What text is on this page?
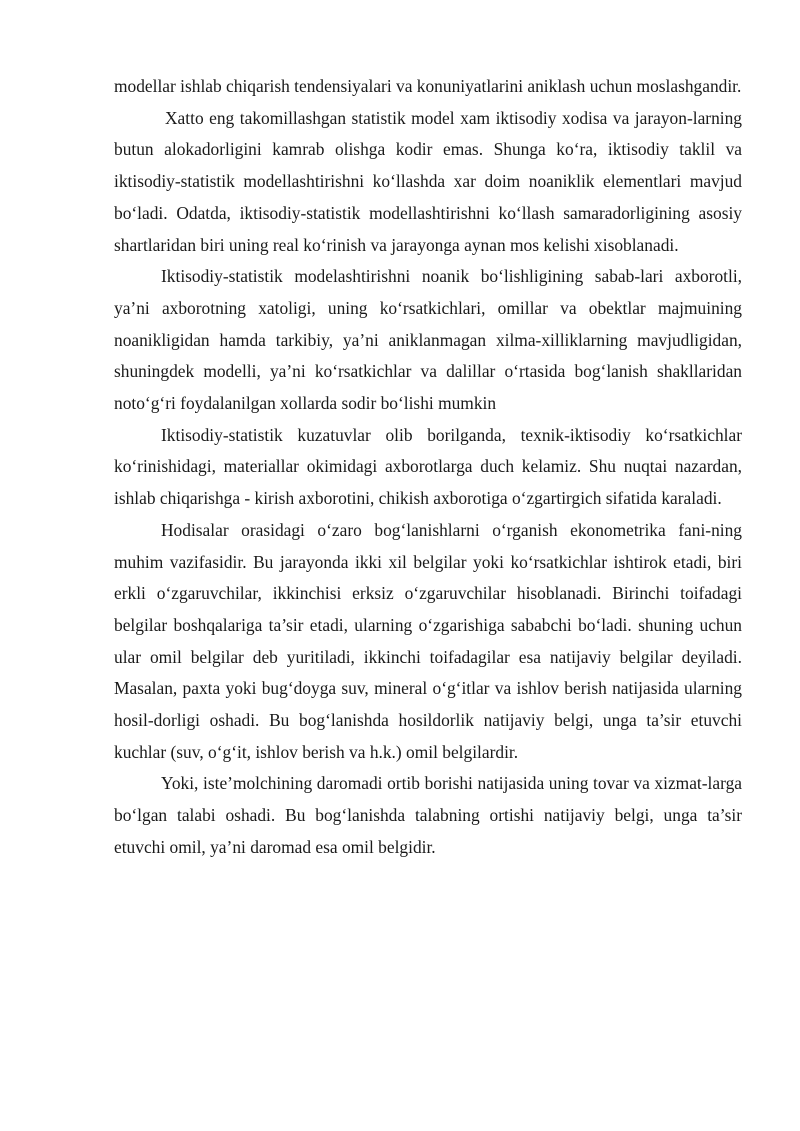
modellar ishlab chiqarish tendensiyalari va konuniyatlarini aniklash uchun moslashgandir.

Xatto eng takomillashgan statistik model xam iktisodiy xodisa va jarayon-larning butun alokadorligini kamrab olishga kodir emas. Shunga ko‘ra, iktisodiy taklil va iktisodiy-statistik modellashtirishni ko‘llashda xar doim noaniklik elementlari mavjud bo‘ladi. Odatda, iktisodiy-statistik modellashtirishni ko‘llash samaradorligining asosiy shartlaridan biri uning real ko‘rinish va jarayonga aynan mos kelishi xisoblanadi.

Iktisodiy-statistik modelashtirishni noanik bo‘lishligining sabab-lari axborotli, ya’ni axborotning xatoligi, uning ko‘rsatkichlari, omillar va obektlar majmuining noanikligidan hamda tarkibiy, ya’ni aniklanmagan xilma-xilliklarning mavjudligidan, shuningdek modelli, ya’ni ko‘rsatkichlar va dalillar o‘rtasida bog‘lanish shakllaridan noto‘g‘ri foydalanilgan xollarda sodir bo‘lishi mumkin

Iktisodiy-statistik kuzatuvlar olib borilganda, texnik-iktisodiy ko‘rsatkichlar ko‘rinishidagi, materiallar okimidagi axborotlarga duch kelamiz. Shu nuqtai nazardan, ishlab chiqarishga - kirish axborotini, chikish axborotiga o‘zgartirgich sifatida karaladi.

Hodisalar orasidagi o‘zaro bog‘lanishlarni o‘rganish ekonometrika fani-ning muhim vazifasidir. Bu jarayonda ikki xil belgilar yoki ko‘rsatkichlar ishtirok etadi, biri erkli o‘zgaruvchilar, ikkinchisi erksiz o‘zgaruvchilar hisoblanadi. Birinchi toifadagi belgilar boshqalariga ta’sir etadi, ularning o‘zgarishiga sababchi bo‘ladi. shuning uchun ular omil belgilar deb yuritiladi, ikkinchi toifadagilar esa natijaviy belgilar deyiladi. Masalan, paxta yoki bug‘doyga suv, mineral o‘g‘itlar va ishlov berish natijasida ularning hosil-dorligi oshadi. Bu bog‘lanishda hosildorlik natijaviy belgi, unga ta’sir etuvchi kuchlar (suv, o‘g‘it, ishlov berish va h.k.) omil belgilardir.

Yoki, iste’molchining daromadi ortib borishi natijasida uning tovar va xizmat-larga bo‘lgan talabi oshadi. Bu bog‘lanishda talabning ortishi natijaviy belgi, unga ta’sir etuvchi omil, ya’ni daromad esa omil belgidir.
